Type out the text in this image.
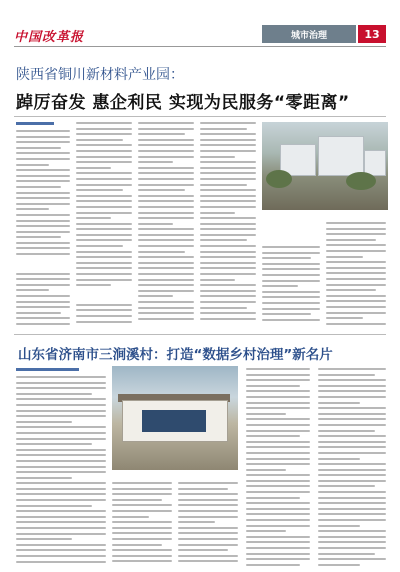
中国改革报	城市治理	13
陕西省铜川新材料产业园：
踔厉奋发 惠企利民 实现为民服务“零距离”
山东省济南市三涧溪村：打造“数据乡村治理”新名片
